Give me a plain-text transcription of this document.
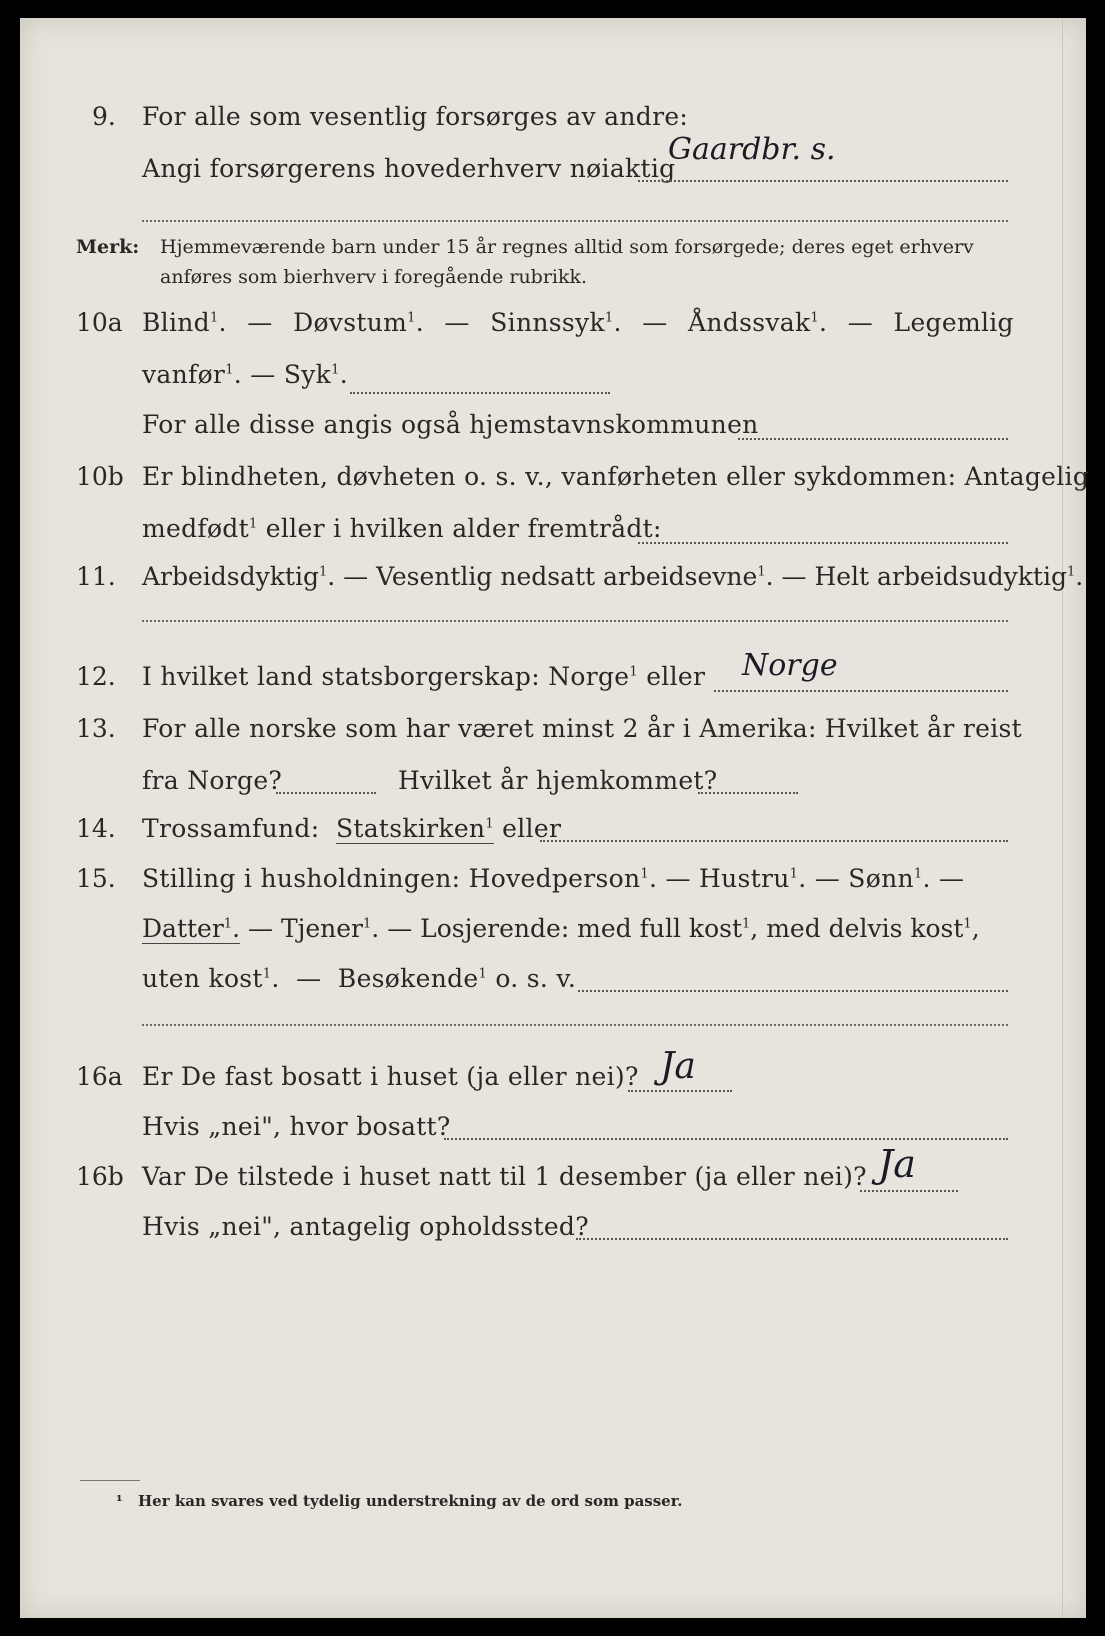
9. For alle som vesentlig forsørges av andre:
Angi forsørgerens hovederhverv nøiaktig
Gaardbr. s.
Merk: Hjemmeværende barn under 15 år regnes alltid som forsørgede; deres eget erhverv
anføres som bierhverv i foregående rubrikk.
10a Blind$^1$.  —  Døvstum$^1$.  —  Sinnssyk$^1$.  —  Åndssvak$^1$.  —  Legemlig
vanfør$^1$. — Syk$^1$.
For alle disse angis også hjemstavnskommunen
10b Er blindheten, døvheten o. s. v., vanførheten eller sykdommen: Antagelig
medfødt$^1$ eller i hvilken alder fremtrådt:
11. Arbeidsdyktig$^1$. — Vesentlig nedsatt arbeidsevne$^1$. — Helt arbeidsudyktig$^1$.
12. I hvilket land statsborgerskap: Norge$^1$ eller Norge
13. For alle norske som har været minst 2 år i Amerika: Hvilket år reist
fra Norge?	Hvilket år hjemkommet?
14. Trossamfund: Statskirken$^1$ eller
15. Stilling i husholdningen: Hovedperson$^1$. — Hustru$^1$. — Sønn$^1$. —
Datter$^1$. — Tjener$^1$. — Losjerende: med full kost$^1$, med delvis kost$^1$,
uten kost$^1$.  —  Besøkende$^1$ o. s. v.
16a Er De fast bosatt i huset (ja eller nei)? Ja
Hvis „nei", hvor bosatt?
16b Var De tilstede i huset natt til 1 desember (ja eller nei)? Ja
Hvis „nei", antagelig opholdssted?
¹ Her kan svares ved tydelig understrekning av de ord som passer.
